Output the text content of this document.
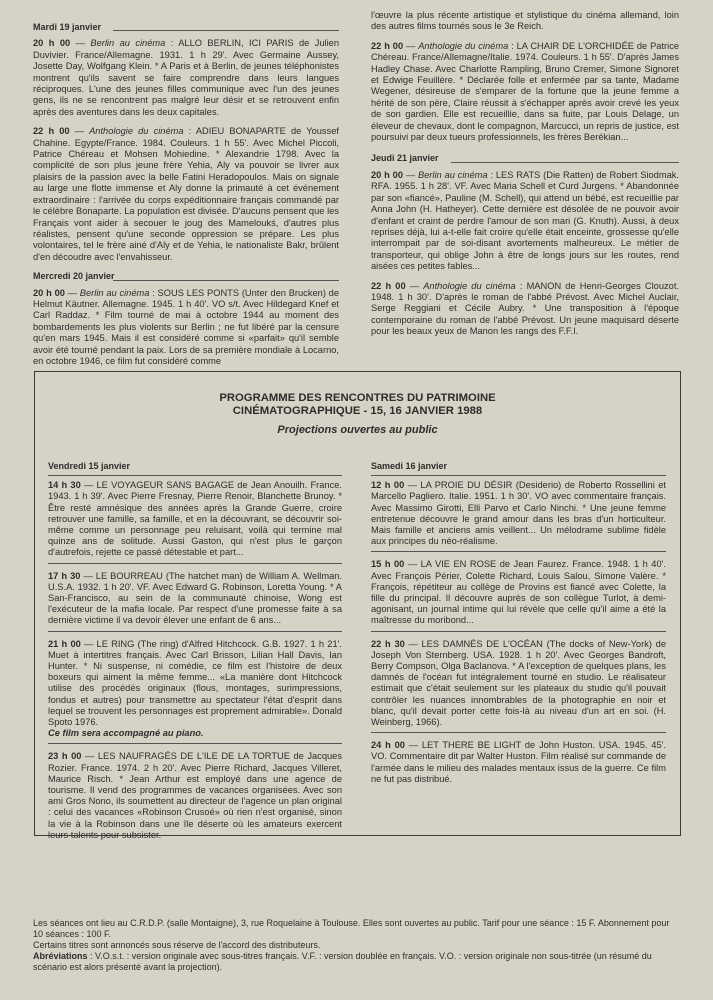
Mardi 19 janvier
20 h 00 — Berlin au cinéma : ALLO BERLIN, ICI PARIS de Julien Duvivier. France/Allemagne. 1931. 1 h 29'. Avec Germaine Aussey, Josette Day, Wolfgang Klein. * A Paris et à Berlin, de jeunes téléphonistes montrent qu'ils savent se faire comprendre dans leurs langues réciproques. L'une des jeunes filles communique avec l'un des jeunes gens, ils ne se rencontrent pas malgré leur désir et se retrouvent enfin après des aventures dans les deux capitales.
22 h 00 — Anthologie du cinéma : ADIEU BONAPARTE de Youssef Chahine. Egypte/France. 1984. Couleurs. 1 h 55'. Avec Michel Piccoli, Patrice Chéreau et Mohsen Mohiedine. * Alexandrie 1798. Avec la complicité de son plus jeune frère Yehia, Aly va pouvoir se livrer aux plaisirs de la passion avec la belle Fatini Heradopoulos. Mais on signale au large une flotte immense et Aly donne la primauté à cet événement extraordinaire : l'arrivée du corps expéditionnaire français commandé par le célèbre Bonaparte. La population est divisée. D'aucuns pensent que les Français vont aider à secouer le joug des Mameloukś, d'autres plus réalistes, pensent qu'une seconde oppression se prépare. Les plus volontaires, tel le frère ainé d'Aly et de Yehia, le nationaliste Bakr, brûlent d'en découdre avec l'envahisseur.
Mercredi 20 janvier
20 h 00 — Berlin au cinéma : SOUS LES PONTS (Unter den Brucken) de Helmut Käutner. Allemagne. 1945. 1 h 40'. VO s/t. Avec Hildegard Knef et Carl Raddaz. * Film tourné de mai à octobre 1944 au moment des bombardements les plus violents sur Berlin ; ne fut libéré par la censure qu'en mars 1945. Mais il est considéré comme si «parfait» qu'il semble avoir été tourné pendant la paix. Lors de sa première mondiale à Locarno, en octobre 1946, ce film fut considéré comme
l'œuvre la plus récente artistique et stylistique du cinéma allemand, loin des autres films tournés sous le 3e Reich.
22 h 00 — Anthologie du cinéma : LA CHAIR DE L'ORCHIDÉE de Patrice Chéreau. France/Allemagne/Italie. 1974. Couleurs. 1 h 55'. D'après James Hadley Chase. Avec Charlotte Rampling, Bruno Cremer, Simone Signoret et Edwige Feuillère. * Déclarée folle et enfermée par sa tante, Madame Wegener, désireuse de s'emparer de la fortune que la jeune femme a hérité de son père, Claire réussit à s'échapper après avoir crevé les yeux de son gardien. Elle est recueillie, dans sa fuite, par Louis Delage, un éleveur de chevaux, dont le compagnon, Marcucci, un repris de justice, est poursuivi par deux tueurs professionnels, les frères Berékian...
Jeudi 21 janvier
20 h 00 — Berlin au cinéma : LES RATS (Die Ratten) de Robert Siodmak. RFA. 1955. 1 h 28'. VF. Avec Maria Schell et Curd Jurgens. * Abandonnée par son «fiancé», Pauline (M. Schell), qui attend un bébé, est recueillie par Anna John (H. Hatheyer). Cette dernière est désolée de ne pouvoir avoir d'enfant et craint de perdre l'amour de son mari (G. Knuth). Aussi, à deux reprises déjà, lui a-t-elle fait croire qu'elle était enceinte, grossesse qu'elle interrompait par de soi-disant avortements malheureux. Le métier de transporteur, qui oblige John à être de longs jours sur les routes, rend aisées ces petites fables...
22 h 00 — Anthologie du cinéma : MANON de Henri-Georges Clouzot. 1948. 1 h 30'. D'après le roman de l'abbé Prévost. Avec Michel Auclair, Serge Reggiani et Cécile Aubry. * Une transposition à l'époque contemporaine du roman de l'abbé Prévost. Un jeune maquisard déserte pour les beaux yeux de Manon les rangs des F.F.I.
PROGRAMME DES RENCONTRES DU PATRIMOINE
CINÉMATOGRAPHIQUE - 15, 16 JANVIER 1988
Projections ouvertes au public
Vendredi 15 janvier
14 h 30 — LE VOYAGEUR SANS BAGAGE de Jean Anouilh. France. 1943. 1 h 39'. Avec Pierre Fresnay, Pierre Renoir, Blanchette Brunoy. * Être resté amnésique des années après la Grande Guerre, croire retrouver une famille, sa famille, et en la découvrant, se découvrir soi-même comme un personnage peu reluisant, voilà qui termine mal quinze ans de solitude. Aussi Gaston, qui n'est plus le garçon d'autrefois, rejette ce passé détestable et part...
17 h 30 — LE BOURREAU (The hatchet man) de William A. Wellman. U.S.A. 1932. 1 h 20'. VF. Avec Edward G. Robinson, Loretta Young. * A San-Francisco, au sein de la communauté chinoise, Wong est l'exécuteur de la mafia locale. Par respect d'une promesse faite à sa dernière victime il va devoir élever une enfant de 6 ans...
21 h 00 — LE RING (The ring) d'Alfred Hitchcock. G.B. 1927. 1 h 21'. Muet à intertitres français. Avec Carl Brisson, Lilian Hall Davis, Ian Hunter. * Ni suspense, ni comédie, ce film est l'histoire de deux boxeurs qui aiment la même femme... «La manière dont Hitchcock utilise des procédés originaux (flous, montages, surimpressions, fondus et autres) pour transmettre au spectateur l'état d'esprit dans lequel se trouvent les personnages est proprement admirable». Donald Spoto 1976.
Ce film sera accompagné au piano.
23 h 00 — LES NAUFRAGÉS DE L'ILE DE LA TORTUE de Jacques Rozier. France. 1974. 2 h 20'. Avec Pierre Richard, Jacques Villeret, Maurice Risch. * Jean Arthur est employé dans une agence de tourisme. Il vend des programmes de vacances organisées. Avec son ami Gros Nono, ils soumettent au directeur de l'agence un plan original : celui des vacances «Robinson Crusoé» où rien n'est organisé, sinon la vie à la Robinson dans une île déserte où les amateurs exercent leurs talents pour subsister.
Samedi 16 janvier
12 h 00 — LA PROIE DU DÉSIR (Desiderio) de Roberto Rossellini et Marcello Pagliero. Italie. 1951. 1 h 30'. VO avec commentaire français. Avec Massimo Girotti, Elli Parvo et Carlo Ninchi. * Une jeune femme entretenue découvre le grand amour dans les bras d'un horticulteur. Mais famille et anciens amis veillent... Un mélodrame sublime fidèle aux principes du néo-réalisme.
15 h 00 — LA VIE EN ROSE de Jean Faurez. France. 1948. 1 h 40'. Avec François Périer, Colette Richard, Louis Salou, Simone Valère. * François, répétiteur au collège de Provins est fiancé avec Colette, la fille du principal. Il découvre auprès de son collègue Turlot, à demi-agonisant, un journal intime qui lui révèle que celle qu'il aime a été la maîtresse du moribond...
22 h 30 — LES DAMNÉS DE L'OCÉAN (The docks of New-York) de Joseph Von Sternberg. USA. 1928. 1 h 20'. Avec Georges Bandroft, Berry Compson, Olga Baclanova. * A l'exception de quelques plans, les damnés de l'océan fut intégralement tourné en studio. Le réalisateur estimait que c'était seulement sur les plateaux du studio qu'il pouvait contrôler les nuances innombrables de la photographie en noir et blanc, qu'il devait porter cette fois-là au niveau d'un art en soi. (H. Weinberg, 1966).
24 h 00 — LET THERE BE LIGHT de John Huston. USA. 1945. 45'. VO. Commentaire dit par Walter Huston. Film réalisé sur commande de l'armée dans le milieu des malades mentaux issus de la guerre. Ce film ne fut pas distribué.
Les séances ont lieu au C.R.D.P. (salle Montaigne), 3, rue Roquelaine à Toulouse. Elles sont ouvertes au public. Tarif pour une séance : 15 F. Abonnement pour 10 séances : 100 F.
Certains titres sont annoncés sous réserve de l'accord des distributeurs.
Abréviations : V.O.s.t. : version originale avec sous-titres français. V.F. : version doublée en français. V.O. : version originale non sous-titrée (un résumé du scénario est alors présenté avant la projection).
